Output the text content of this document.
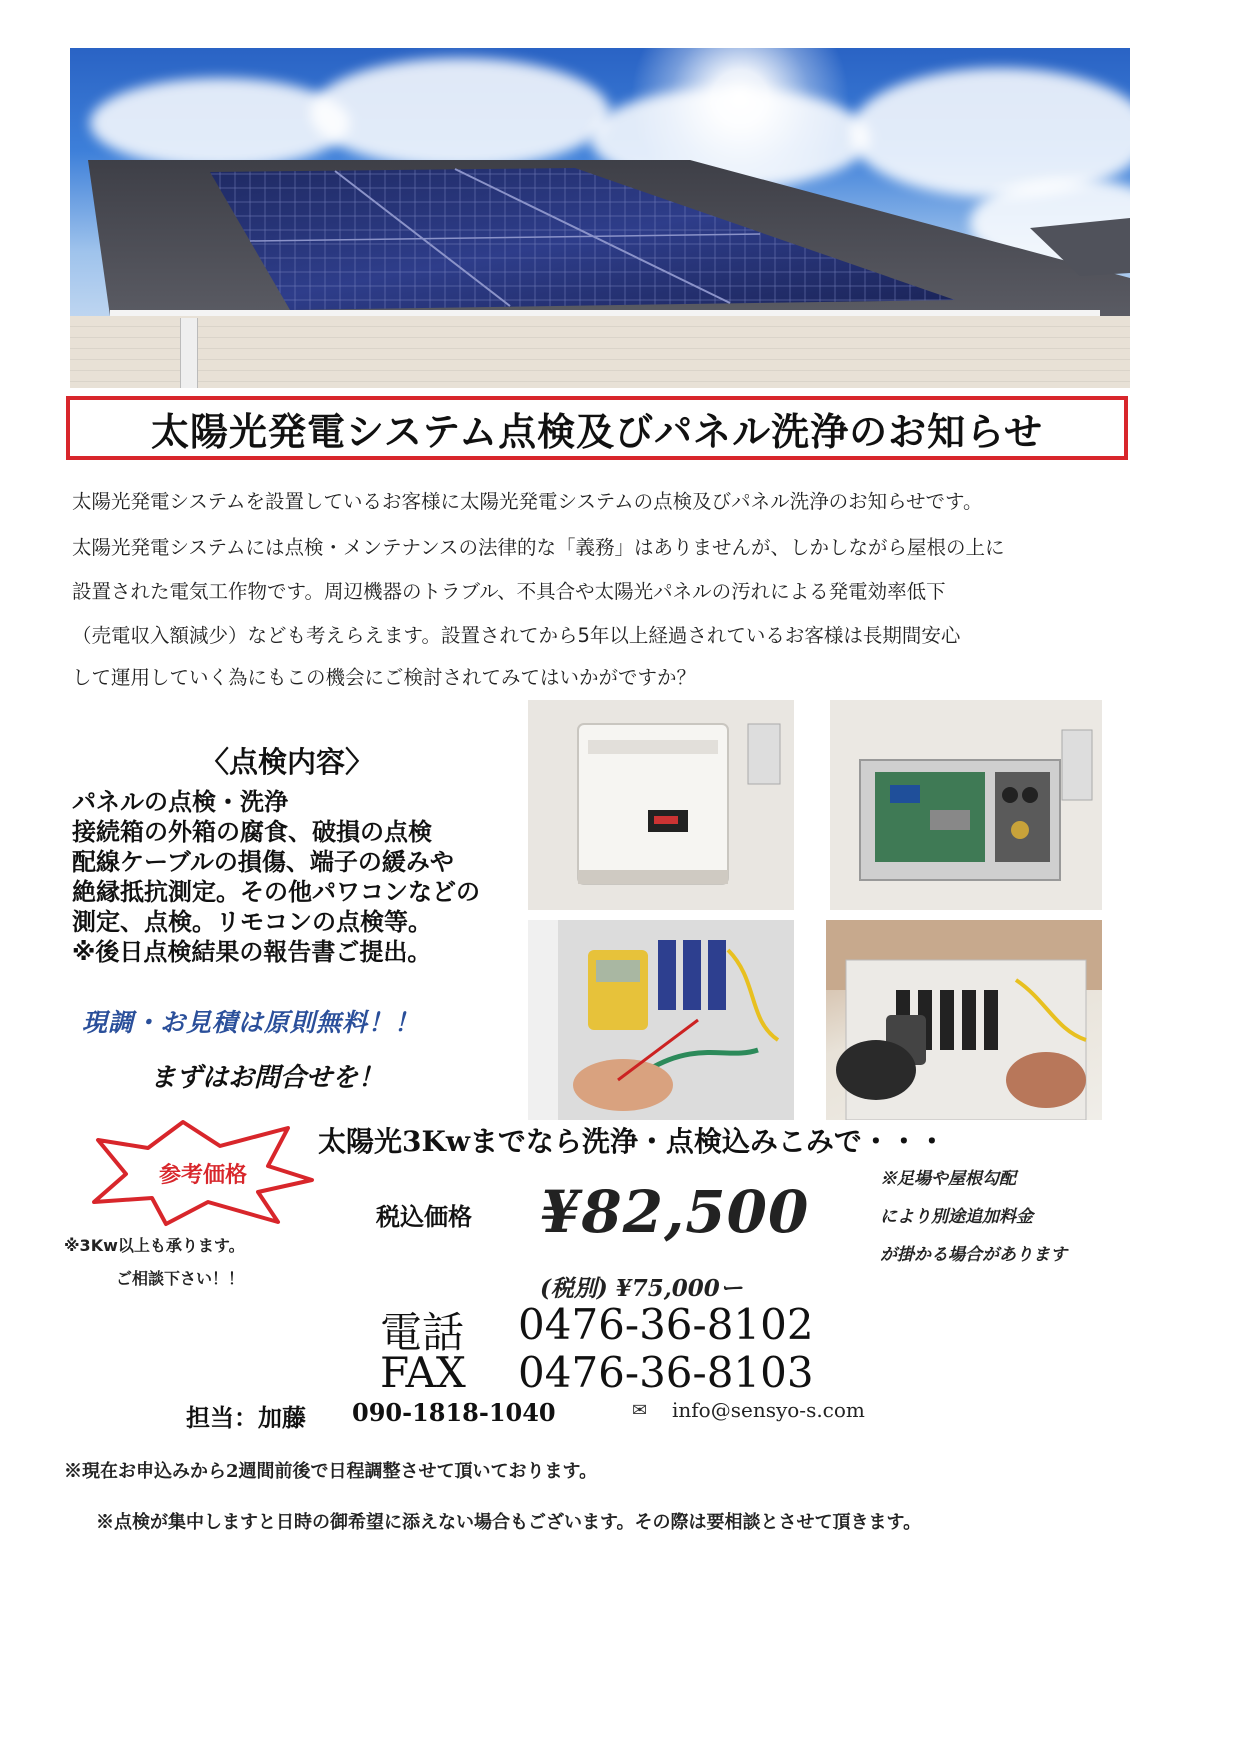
太陽光発電システム点検及びパネル洗浄のお知らせ
太陽光発電システムを設置しているお客様に太陽光発電システムの点検及びパネル洗浄のお知らせです。
太陽光発電システムには点検・メンテナンスの法律的な「義務」はありませんが、しかしながら屋根の上に
設置された電気工作物です。周辺機器のトラブル、不具合や太陽光パネルの汚れによる発電効率低下
（売電収入額減少）なども考えらえます。設置されてから5年以上経過されているお客様は長期間安心
して運用していく為にもこの機会にご検討されてみてはいかがですか？
〈点検内容〉
パネルの点検・洗浄
接続箱の外箱の腐食、破損の点検
配線ケーブルの損傷、端子の緩みや
絶縁抵抗測定。その他パワコンなどの
測定、点検。リモコンの点検等。
※後日点検結果の報告書ご提出。
現調・お見積は原則無料！！
まずはお問合せを！
参考価格
太陽光3Kwまでなら洗浄・点検込みこみで・・・
税込価格 ¥82,500
(税別) ¥75,000ー
※足場や屋根勾配
により別途追加料金
が掛かる場合があります
※3Kw以上も承ります。
ご相談下さい！！
電話 0476-36-8102
FAX 0476-36-8103
担当：加藤 090-1818-1040	✉ info@sensyo-s.com
※現在お申込みから2週間前後で日程調整させて頂いております。
※点検が集中しますと日時の御希望に添えない場合もございます。その際は要相談とさせて頂きます。
